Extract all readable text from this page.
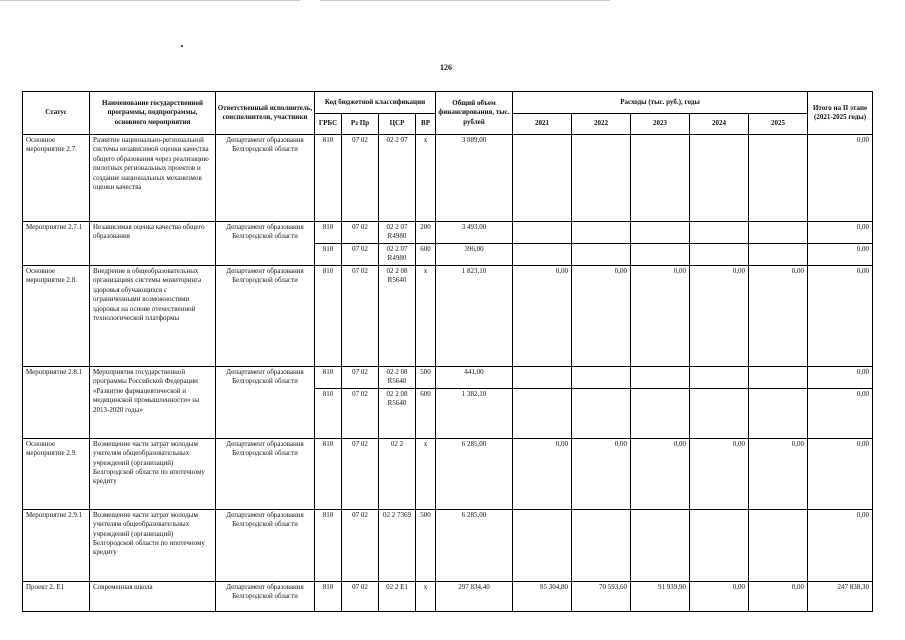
126
Статус	Наименование государственной программы, подпрограммы, основного мероприятия	Ответственный исполнитель, соисполнители, участники	Код бюджетной классификации				Общий объем финансирования, тыс. рублей	Расходы (тыс. руб.), годы					Итого на II этапе (2021-2025 годы)
			ГРБС	Рз Пр	ЦСР	ВР		2021	2022	2023	2024	2025	
Основное мероприятие 2.7.	Развитие национально-региональной системы независимой оценки качества общего образования через реализацию пилотных региональных проектов и создание национальных механизмов оценки качества	Департамент образования Белгородской области	810	07 02	02 2 07	х	3 889,00						0,00
Мероприятие 2.7.1	Независимая оценка качества общего образования	Департамент образования Белгородской области	810	07 02	02 2 07 R4980	200	3 493,00						0,00
			810	07 02	02 2 07 R4980	600	396,00						0,00
Основное мероприятие 2.8.	Внедрение в общеобразовательных организациях системы мониторинга здоровья обучающихся с ограниченными возможностями здоровья на основе отечественной технологической платформы	Департамент образования Белгородской области	810	07 02	02 2 08 R5640	х	1 823,10	0,00	0,00	0,00	0,00	0,00	0,00
Мероприятие 2.8.1	Мероприятия государственной программы Российской Федерации «Развитие фармацевтической и медицинской промышленности» на 2013-2020 годы»	Департамент образования Белгородской области	810	07 02	02 2 08 R5640	500	441,00						0,00
			810	07 02	02 2 08 R5640	600	1 382,10						0,00
Основное мероприятие 2.9.	Возмещение части затрат молодым учителям общеобразовательных учреждений (организаций) Белгородской области по ипотечному кредиту	Департамент образования Белгородской области	810	07 02	02 2	х	6 285,00	0,00	0,00	0,00	0,00	0,00	0,00
Мероприятие 2.9.1	Возмещение части затрат молодым учителям общеобразовательных учреждений (организаций) Белгородской области по ипотечному кредиту	Департамент образования Белгородской области	810	07 02	02 2 7369	500	6 285,00						0,00
Проект 2. Е1	Современная школа	Департамент образования Белгородской области	810	07 02	02 2 Е1	х	297 834,40	85 304,80	70 593,60	91 939,90	0,00	0,00	247 838,30
